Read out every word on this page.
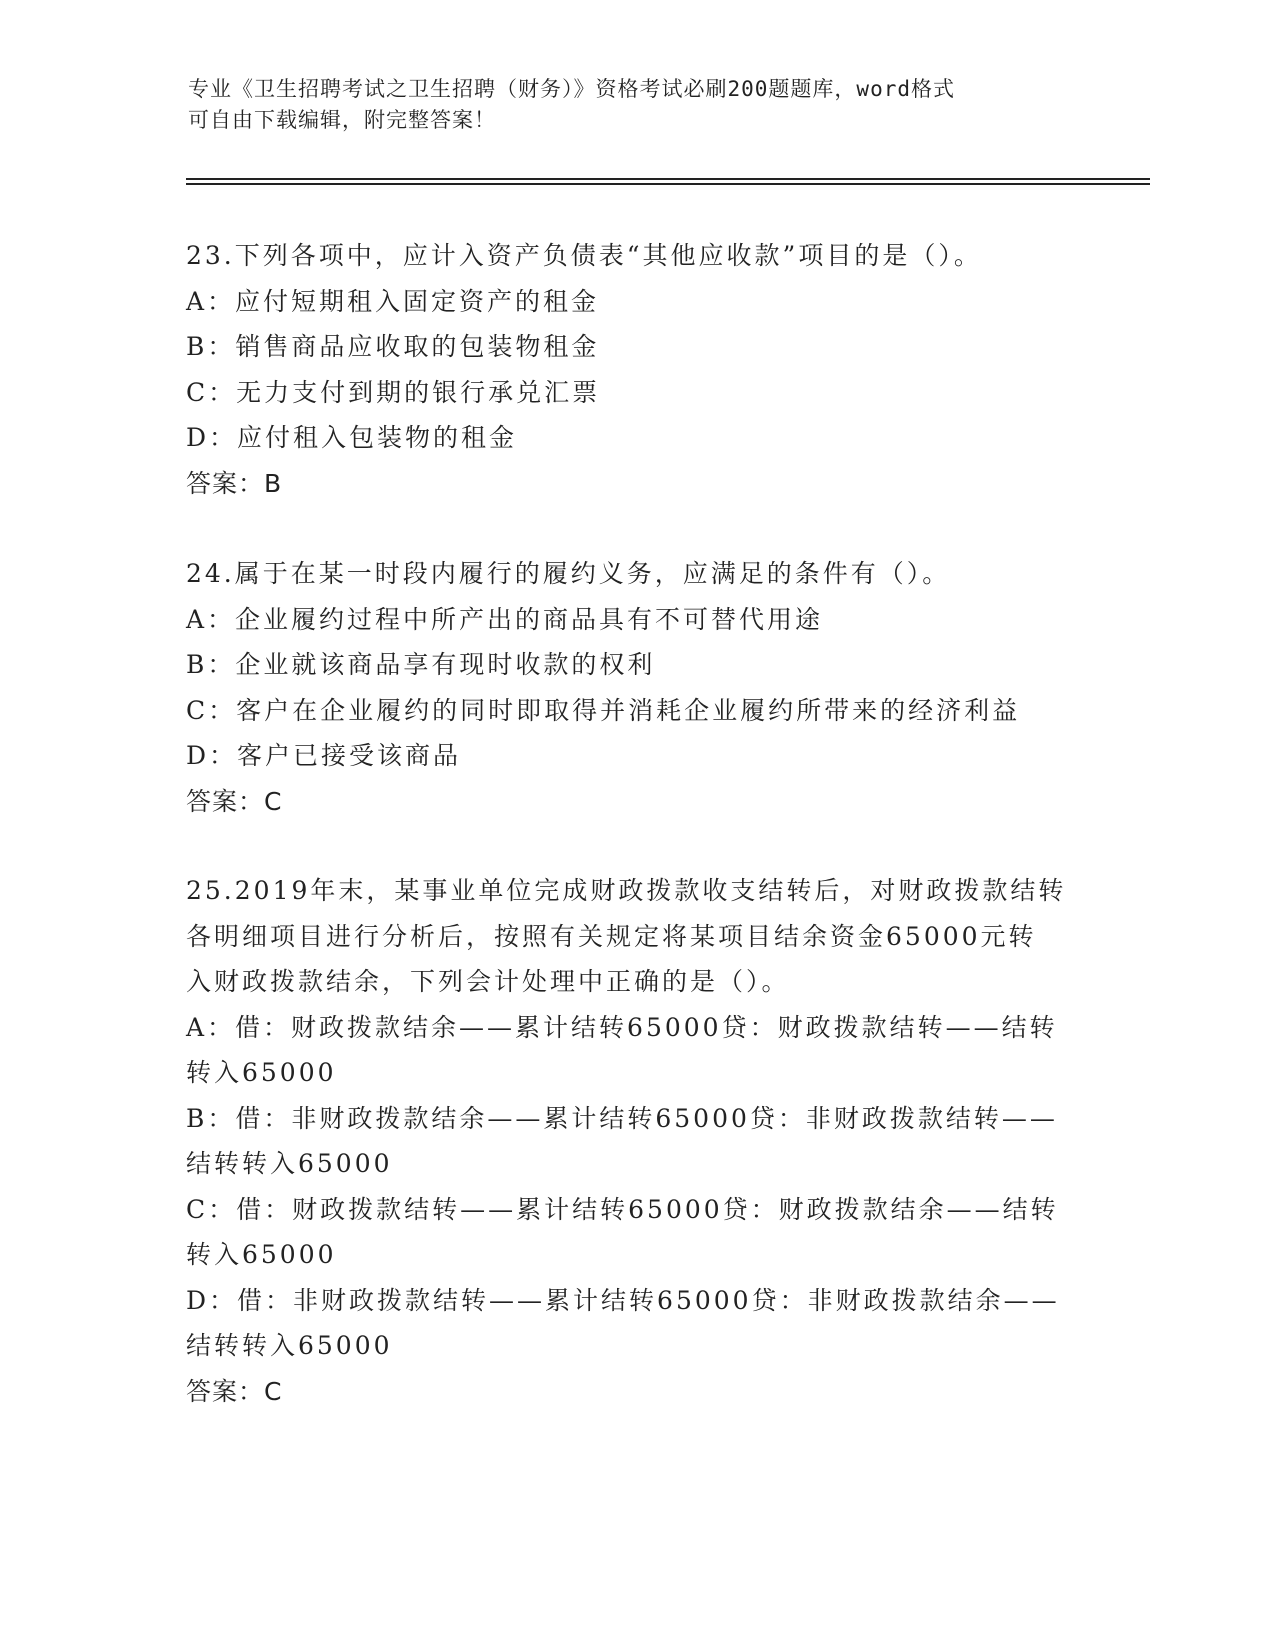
专业《卫生招聘考试之卫生招聘（财务）》资格考试必刷200题题库，word格式
可自由下载编辑，附完整答案！
23.下列各项中，应计入资产负债表“其他应收款”项目的是（）。
A：应付短期租入固定资产的租金
B：销售商品应收取的包装物租金
C：无力支付到期的银行承兑汇票
D：应付租入包装物的租金
答案：B
24.属于在某一时段内履行的履约义务，应满足的条件有（）。
A：企业履约过程中所产出的商品具有不可替代用途
B：企业就该商品享有现时收款的权利
C：客户在企业履约的同时即取得并消耗企业履约所带来的经济利益
D：客户已接受该商品
答案：C
25.2019年末，某事业单位完成财政拨款收支结转后，对财政拨款结转
各明细项目进行分析后，按照有关规定将某项目结余资金65000元转
入财政拨款结余，下列会计处理中正确的是（）。
A：借：财政拨款结余——累计结转65000贷：财政拨款结转——结转
转入65000
B：借：非财政拨款结余——累计结转65000贷：非财政拨款结转——
结转转入65000
C：借：财政拨款结转——累计结转65000贷：财政拨款结余——结转
转入65000
D：借：非财政拨款结转——累计结转65000贷：非财政拨款结余——
结转转入65000
答案：C
